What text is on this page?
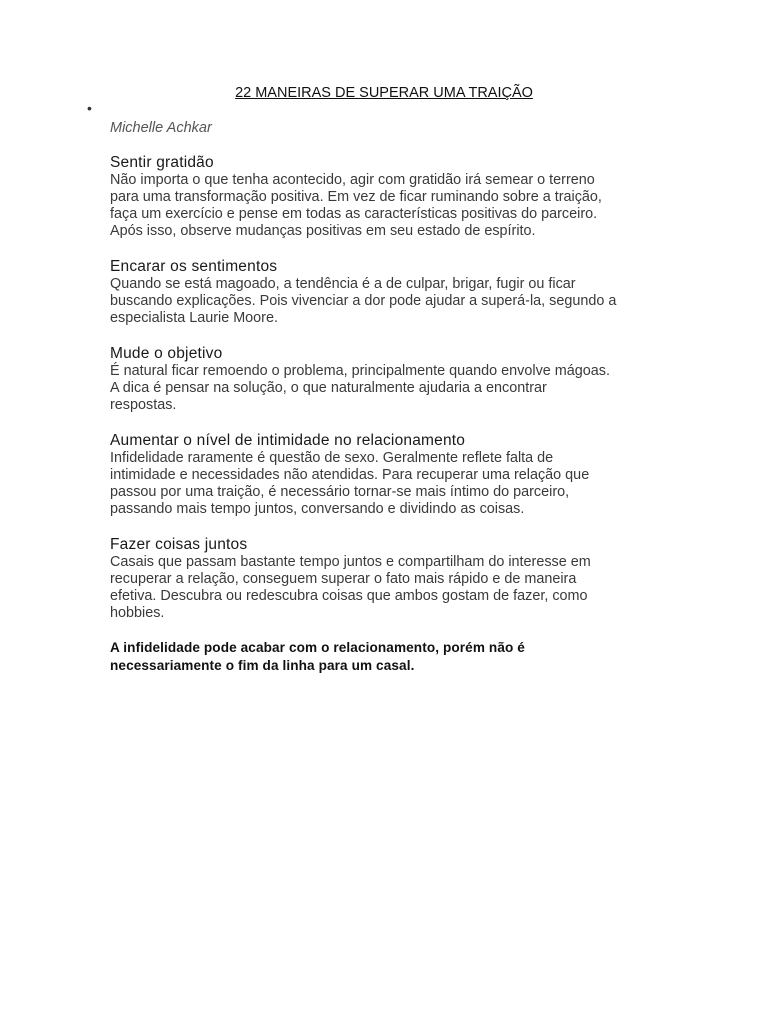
22 MANEIRAS DE SUPERAR UMA TRAIÇÃO
•
Michelle Achkar
Sentir gratidão

Não importa o que tenha acontecido, agir com gratidão irá semear o terreno
para uma transformação positiva. Em vez de ficar ruminando sobre a traição,
faça um exercício e pense em todas as características positivas do parceiro.
Após isso, observe mudanças positivas em seu estado de espírito.

Encarar os sentimentos

Quando se está magoado, a tendência é a de culpar, brigar, fugir ou ficar
buscando explicações. Pois vivenciar a dor pode ajudar a superá-la, segundo a
especialista Laurie Moore.

Mude o objetivo

É natural ficar remoendo o problema, principalmente quando envolve mágoas.
A dica é pensar na solução, o que naturalmente ajudaria a encontrar
respostas.

Aumentar o nível de intimidade no relacionamento

Infidelidade raramente é questão de sexo. Geralmente reflete falta de
intimidade e necessidades não atendidas. Para recuperar uma relação que
passou por uma traição, é necessário tornar-se mais íntimo do parceiro,
passando mais tempo juntos, conversando e dividindo as coisas.

Fazer coisas juntos

Casais que passam bastante tempo juntos e compartilham do interesse em
recuperar a relação, conseguem superar o fato mais rápido e de maneira
efetiva. Descubra ou redescubra coisas que ambos gostam de fazer, como
hobbies.

A infidelidade pode acabar com o relacionamento, porém não é
necessariamente o fim da linha para um casal.
